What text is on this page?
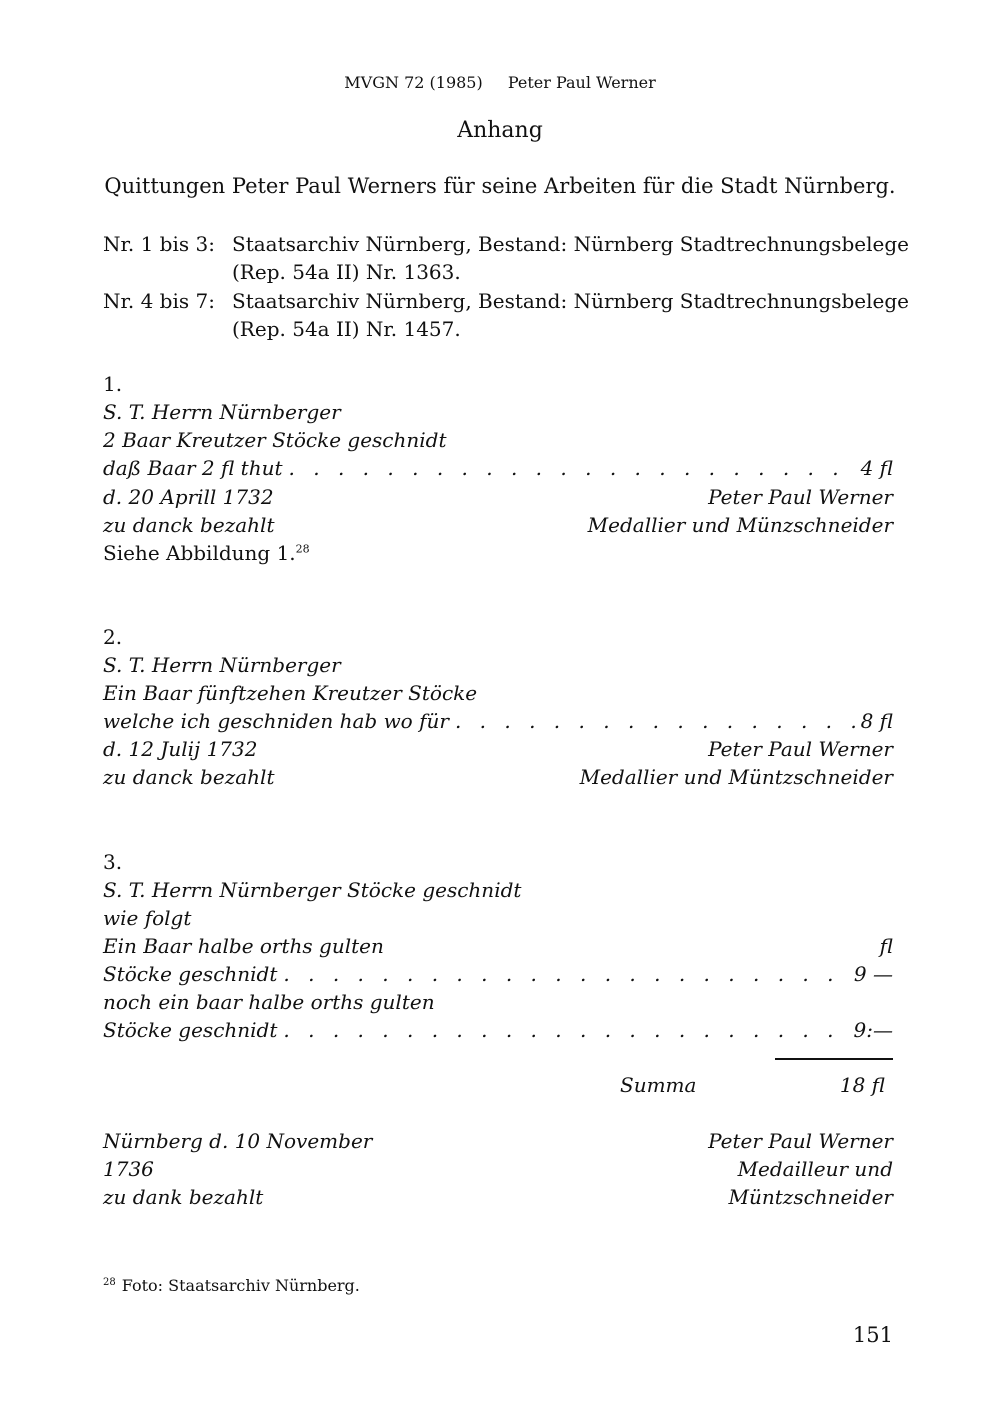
MVGN 72 (1985) Peter Paul Werner
Anhang
Quittungen Peter Paul Werners für seine Arbeiten für die Stadt Nürnberg.
Nr. 1 bis 3: Staatsarchiv Nürnberg, Bestand: Nürnberg Stadtrechnungsbelege
(Rep. 54a II) Nr. 1363.
Nr. 4 bis 7: Staatsarchiv Nürnberg, Bestand: Nürnberg Stadtrechnungsbelege
(Rep. 54a II) Nr. 1457.
1.
S. T. Herrn Nürnberger
2 Baar Kreutzer Stöcke geschnidt
daß Baar 2 fl thut . . .	4 fl
d. 20 Aprill 1732	Peter Paul Werner
zu danck bezahlt	Medallier und Münzschneider
Siehe Abbildung 1.28
2.
S. T. Herrn Nürnberger
Ein Baar fünftzehen Kreutzer Stöcke
welche ich geschniden hab wo für . . .	8 fl
d. 12 Julij 1732	Peter Paul Werner
zu danck bezahlt	Medallier und Müntzschneider
3.
S. T. Herrn Nürnberger Stöcke geschnidt
wie folgt
Ein Baar halbe orths gulten	fl
Stöcke geschnidt . . .	9 —
noch ein baar halbe orths gulten
Stöcke geschnidt . . .	9:—
Summa	18 fl
Nürnberg d. 10 November	Peter Paul Werner
1736	Medailleur und
zu dank bezahlt	Müntzschneider
$^{28}$ Foto: Staatsarchiv Nürnberg.
151
